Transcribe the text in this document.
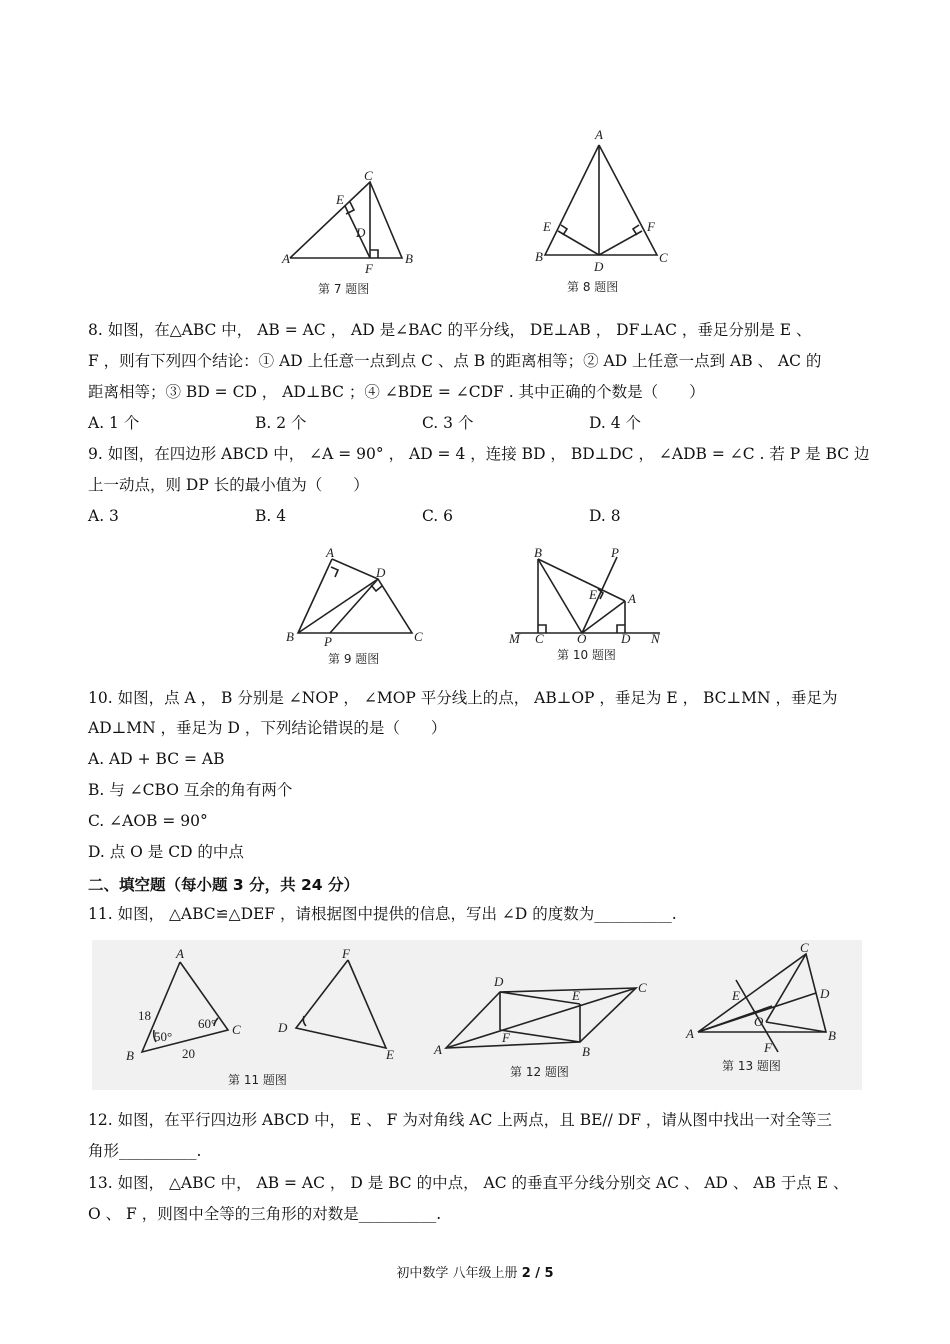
A	B
C
D
E
F
第 7 题图
A
B	C
D
E	F
第 8 题图
8. 如图，在△ABC 中， AB = AC ， AD 是∠BAC 的平分线， DE⊥AB ， DF⊥AC ，垂足分别是 E 、
F ，则有下列四个结论：① AD 上任意一点到点 C 、点 B 的距离相等；② AD 上任意一点到 AB 、 AC 的
距离相等；③ BD = CD ， AD⊥BC ；④ ∠BDE = ∠CDF . 其中正确的个数是（　　）
A. 1 个	B. 2 个	C. 3 个	D. 4 个
9. 如图，在四边形 ABCD 中， ∠A = 90° ， AD = 4 ，连接 BD ， BD⊥DC ， ∠ADB = ∠C . 若 P 是 BC 边
上一动点，则 DP 长的最小值为（　　）
A. 3	B. 4	C. 6	D. 8
A
B	C
D
P
第 9 题图
B	P
E A
M C	O	D N
第 10 题图
10. 如图，点 A ， B 分别是 ∠NOP ， ∠MOP 平分线上的点， AB⊥OP ，垂足为 E ， BC⊥MN ，垂足为
AD⊥MN ，垂足为 D ，下列结论错误的是（　　）
A. AD + BC = AB
B. 与 ∠CBO 互余的角有两个
C. ∠AOB = 90°
D. 点 O 是 CD 的中点
二、填空题（每小题 3 分，共 24 分）
11. 如图， △ABC≌△DEF ，请根据图中提供的信息，写出 ∠D 的度数为__________.
A
B
C
18
20
50°
60°
F
D
E
第 11 题图
A	B
C
D
E
F
第 12 题图
C
A	B
D
E
O
F
第 13 题图
12. 如图，在平行四边形 ABCD 中， E 、 F 为对角线 AC 上两点，且 BE// DF ，请从图中找出一对全等三
角形__________.
13. 如图， △ABC 中， AB = AC ， D 是 BC 的中点， AC 的垂直平分线分别交 AC 、 AD 、 AB 于点 E 、
O 、 F ，则图中全等的三角形的对数是__________.
初中数学 八年级上册 2 / 5
